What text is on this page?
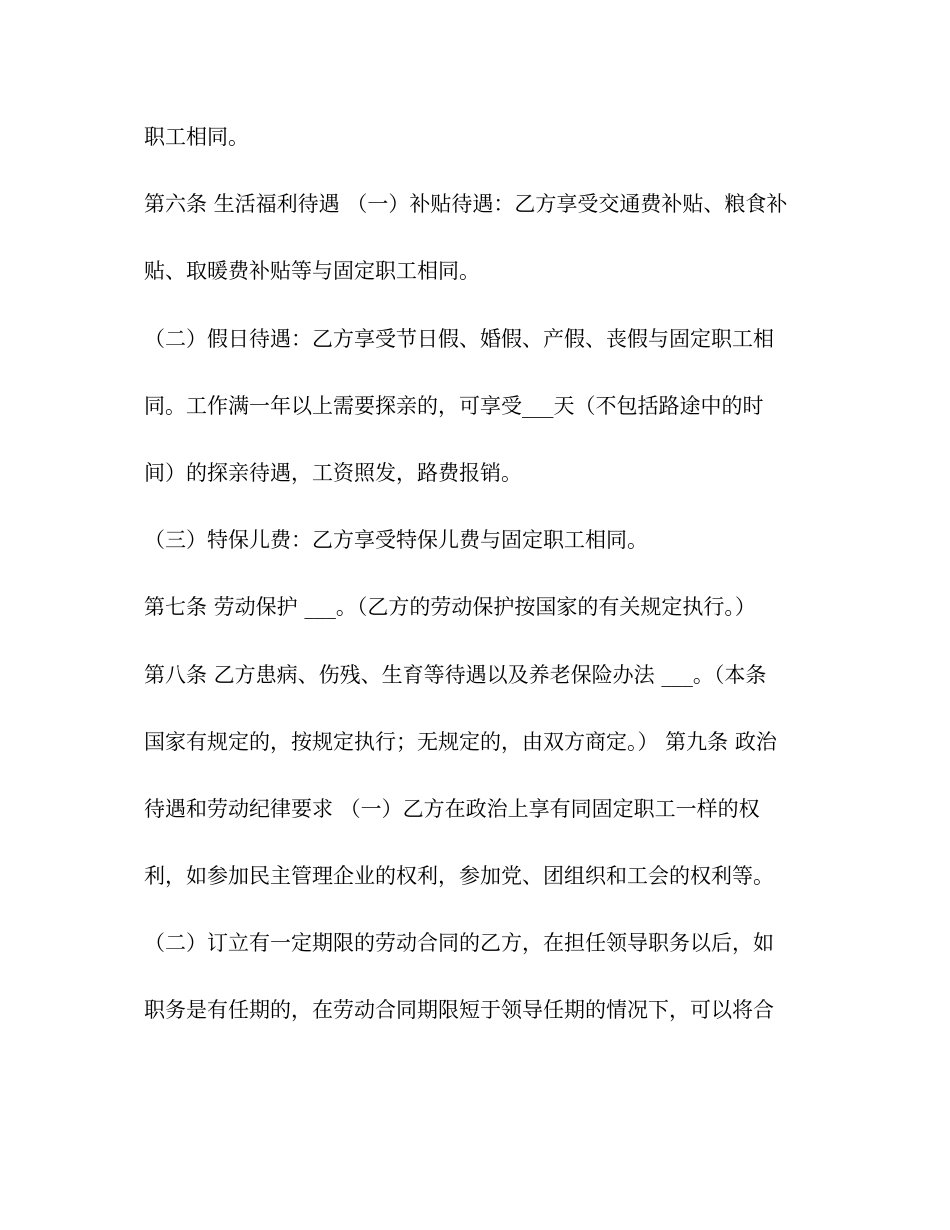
职工相同。
第六条 生活福利待遇 （一）补贴待遇：乙方享受交通费补贴、粮食补
贴、取暖费补贴等与固定职工相同。
（二）假日待遇：乙方享受节日假、婚假、产假、丧假与固定职工相
同。工作满一年以上需要探亲的，可享受___天（不包括路途中的时
间）的探亲待遇，工资照发，路费报销。
（三）特保儿费：乙方享受特保儿费与固定职工相同。
第七条 劳动保护 ___。（乙方的劳动保护按国家的有关规定执行。）
第八条 乙方患病、伤残、生育等待遇以及养老保险办法 ___。（本条
国家有规定的，按规定执行；无规定的，由双方商定。） 第九条 政治
待遇和劳动纪律要求 （一）乙方在政治上享有同固定职工一样的权
利，如参加民主管理企业的权利，参加党、团组织和工会的权利等。
（二）订立有一定期限的劳动合同的乙方，在担任领导职务以后，如
职务是有任期的，在劳动合同期限短于领导任期的情况下，可以将合
